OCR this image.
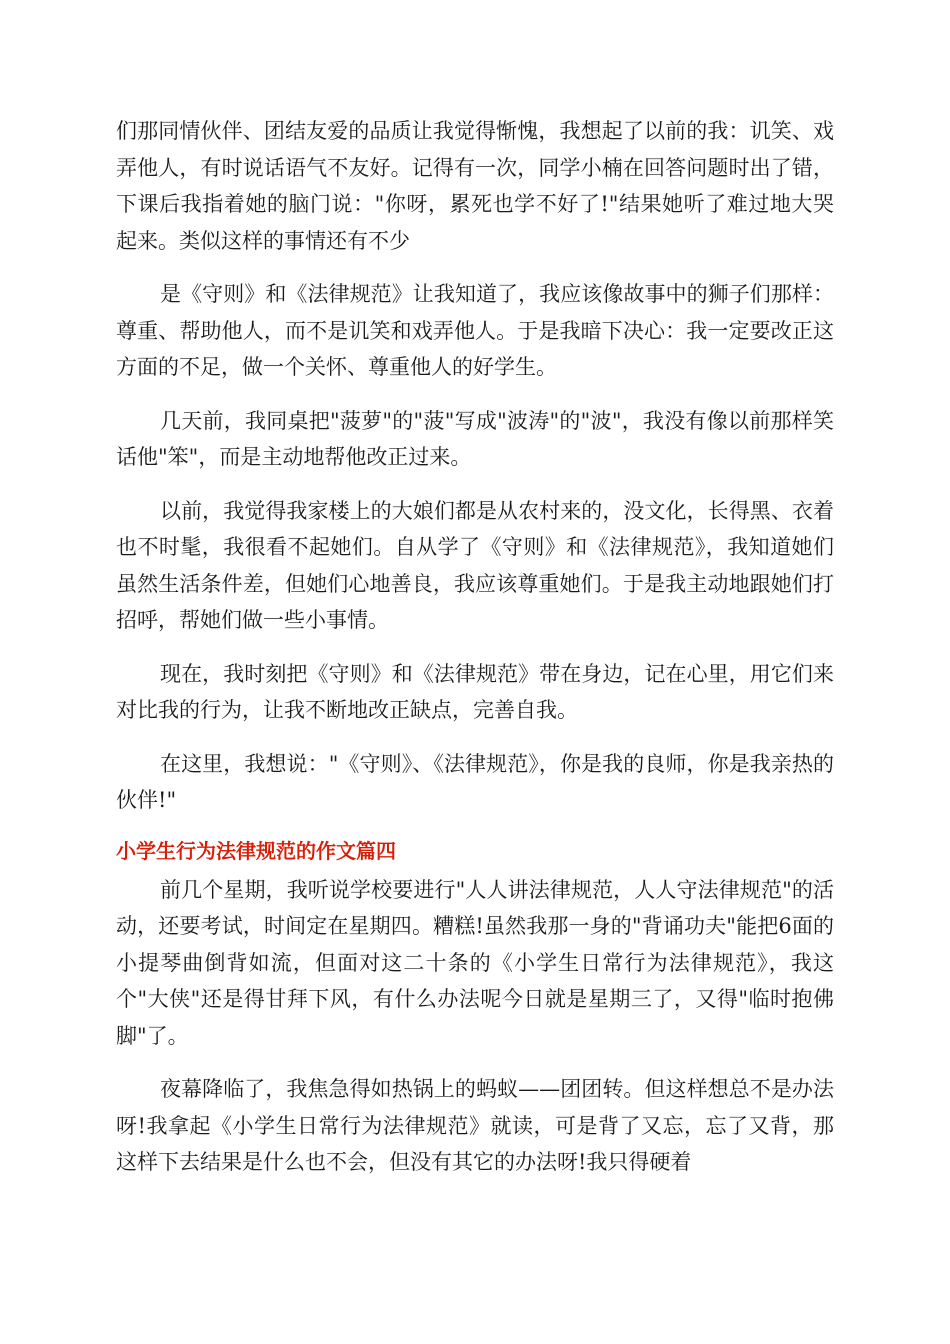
们那同情伙伴、团结友爱的品质让我觉得惭愧，我想起了以前的我：讥笑、戏弄他人，有时说话语气不友好。记得有一次，同学小楠在回答问题时出了错，下课后我指着她的脑门说："你呀，累死也学不好了!"结果她听了难过地大哭起来。类似这样的事情还有不少

是《守则》和《法律规范》让我知道了，我应该像故事中的狮子们那样：尊重、帮助他人，而不是讥笑和戏弄他人。于是我暗下决心：我一定要改正这方面的不足，做一个关怀、尊重他人的好学生。

几天前，我同桌把"菠萝"的"菠"写成"波涛"的"波"，我没有像以前那样笑话他"笨"，而是主动地帮他改正过来。

以前，我觉得我家楼上的大娘们都是从农村来的，没文化，长得黑、衣着也不时髦，我很看不起她们。自从学了《守则》和《法律规范》，我知道她们虽然生活条件差，但她们心地善良，我应该尊重她们。于是我主动地跟她们打招呼，帮她们做一些小事情。

现在，我时刻把《守则》和《法律规范》带在身边，记在心里，用它们来对比我的行为，让我不断地改正缺点，完善自我。

在这里，我想说："《守则》、《法律规范》，你是我的良师，你是我亲热的伙伴!"

小学生行为法律规范的作文篇四

前几个星期，我听说学校要进行"人人讲法律规范，人人守法律规范"的活动，还要考试，时间定在星期四。糟糕!虽然我那一身的"背诵功夫"能把6面的小提琴曲倒背如流，但面对这二十条的《小学生日常行为法律规范》，我这个"大侠"还是得甘拜下风，有什么办法呢今日就是星期三了，又得"临时抱佛脚"了。

夜幕降临了，我焦急得如热锅上的蚂蚁——团团转。但这样想总不是办法呀!我拿起《小学生日常行为法律规范》就读，可是背了又忘，忘了又背，那这样下去结果是什么也不会，但没有其它的办法呀!我只得硬着
